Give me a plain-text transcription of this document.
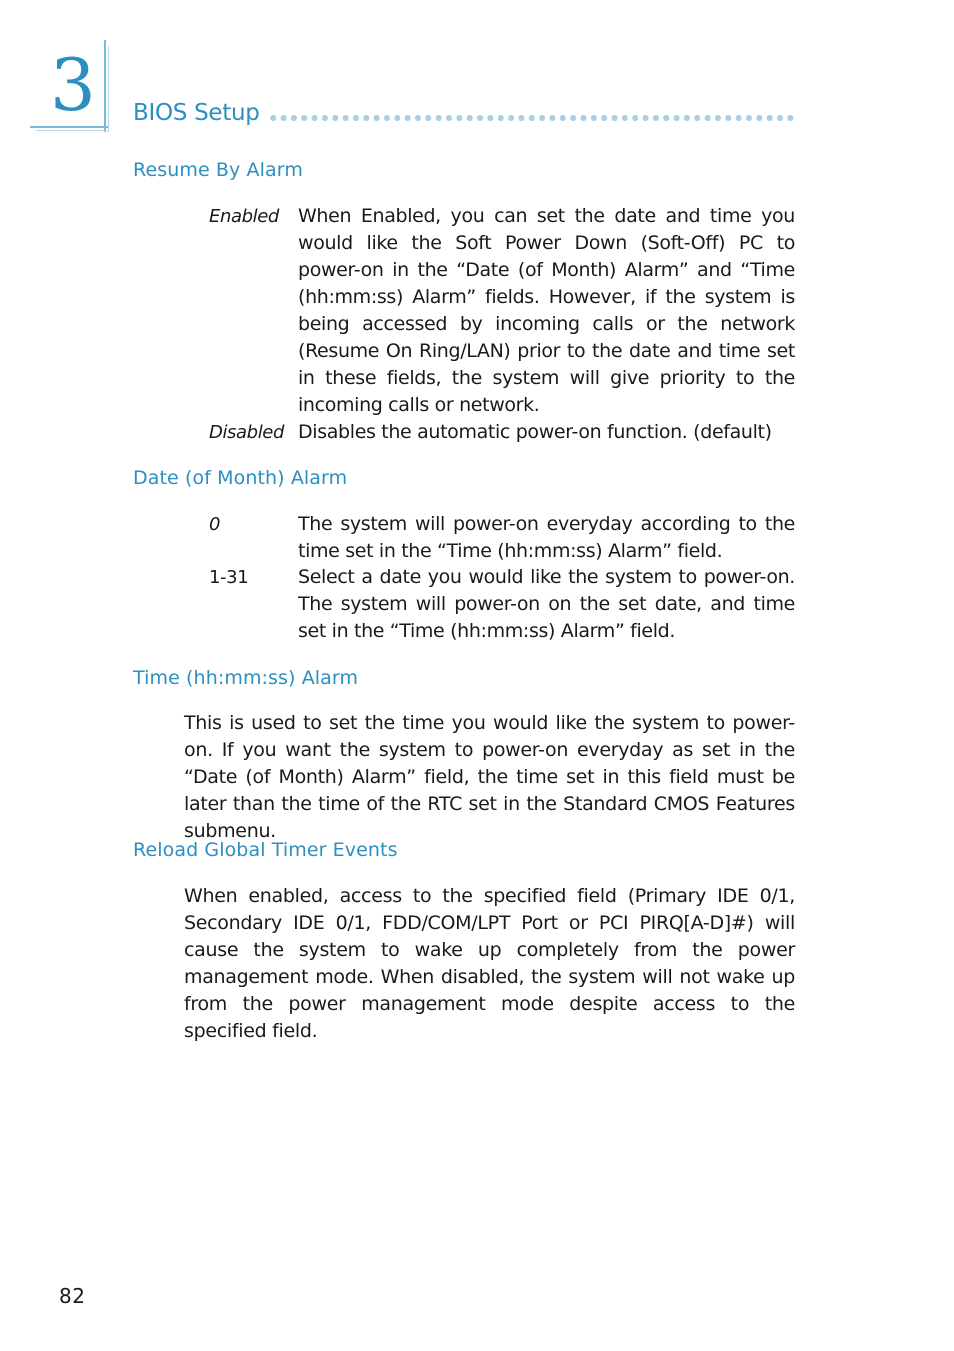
3 BIOS Setup
Resume By Alarm
Enabled When Enabled, you can set the date and time you would like the Soft Power Down (Soft-Off) PC to power-on in the “Date (of Month) Alarm” and “Time (hh:mm:ss) Alarm” fields. However, if the system is being accessed by incoming calls or the network (Resume On Ring/LAN) prior to the date and time set in these fields, the system will give priority to the incoming calls or network.
Disabled Disables the automatic power-on function. (default)
Date (of Month) Alarm
0	The system will power-on everyday according to the time set in the “Time (hh:mm:ss) Alarm” field.
1-31	Select a date you would like the system to power-on. The system will power-on on the set date, and time set in the “Time (hh:mm:ss) Alarm” field.
Time (hh:mm:ss) Alarm
This is used to set the time you would like the system to power-on. If you want the system to power-on everyday as set in the “Date (of Month) Alarm” field, the time set in this field must be later than the time of the RTC set in the Standard CMOS Features submenu.
Reload Global Timer Events
When enabled, access to the specified field (Primary IDE 0/1, Secondary IDE 0/1, FDD/COM/LPT Port or PCI PIRQ[A-D]#) will cause the system to wake up completely from the power management mode. When disabled, the system will not wake up from the power management mode despite access to the specified field.
82
